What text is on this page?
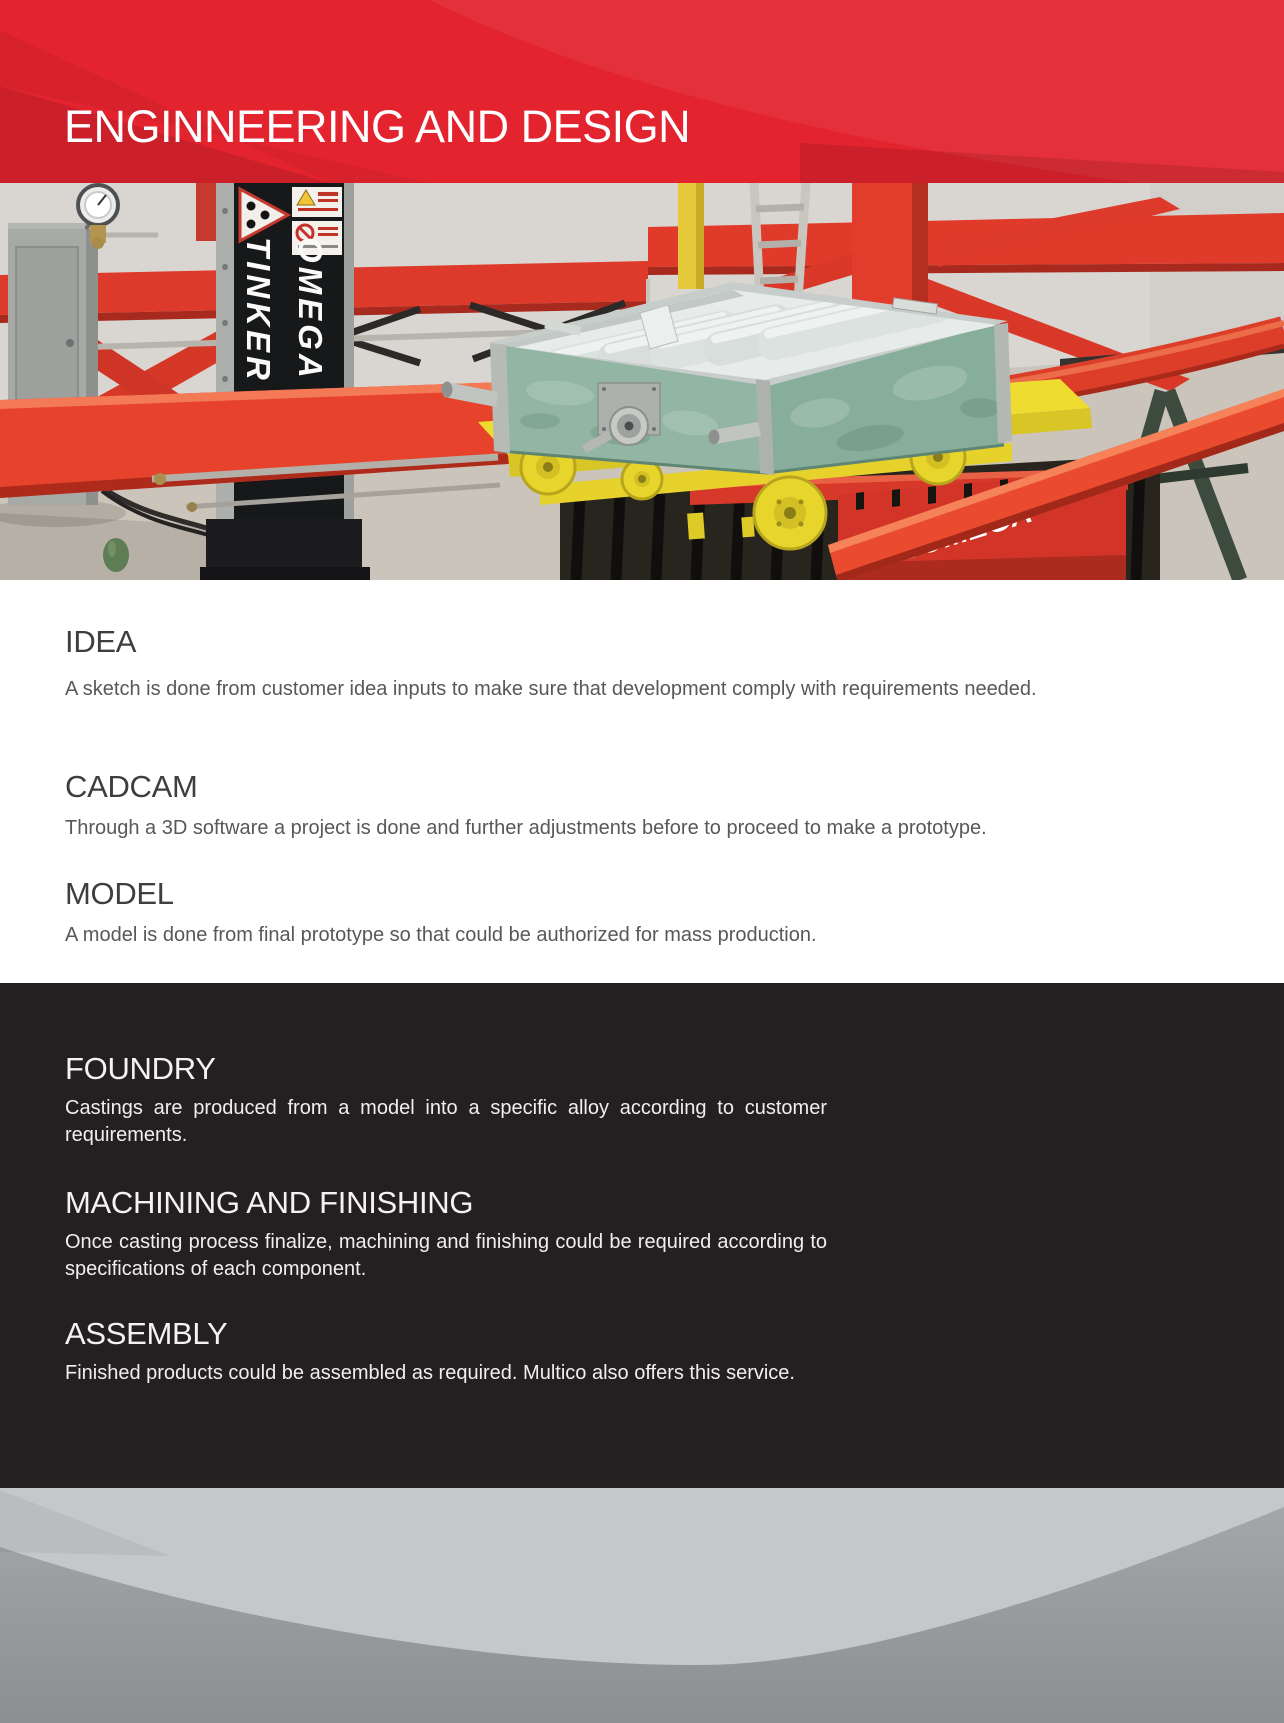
ENGINNEERING AND DESIGN
TINKER OMEGA
IDEA

A sketch is done from customer idea inputs to make sure that development comply with requirements needed.

CADCAM

Through a 3D software a project is done and further adjustments before to proceed to make a prototype.

MODEL

A model is done from final prototype so that could be authorized for mass production.

FOUNDRY

Castings are produced from a model into a specific alloy according to customer requirements.

MACHINING AND FINISHING

Once casting process finalize, machining and finishing could be required according to specifications of each component.

ASSEMBLY

Finished products could be assembled as required. Multico also offers this service.
